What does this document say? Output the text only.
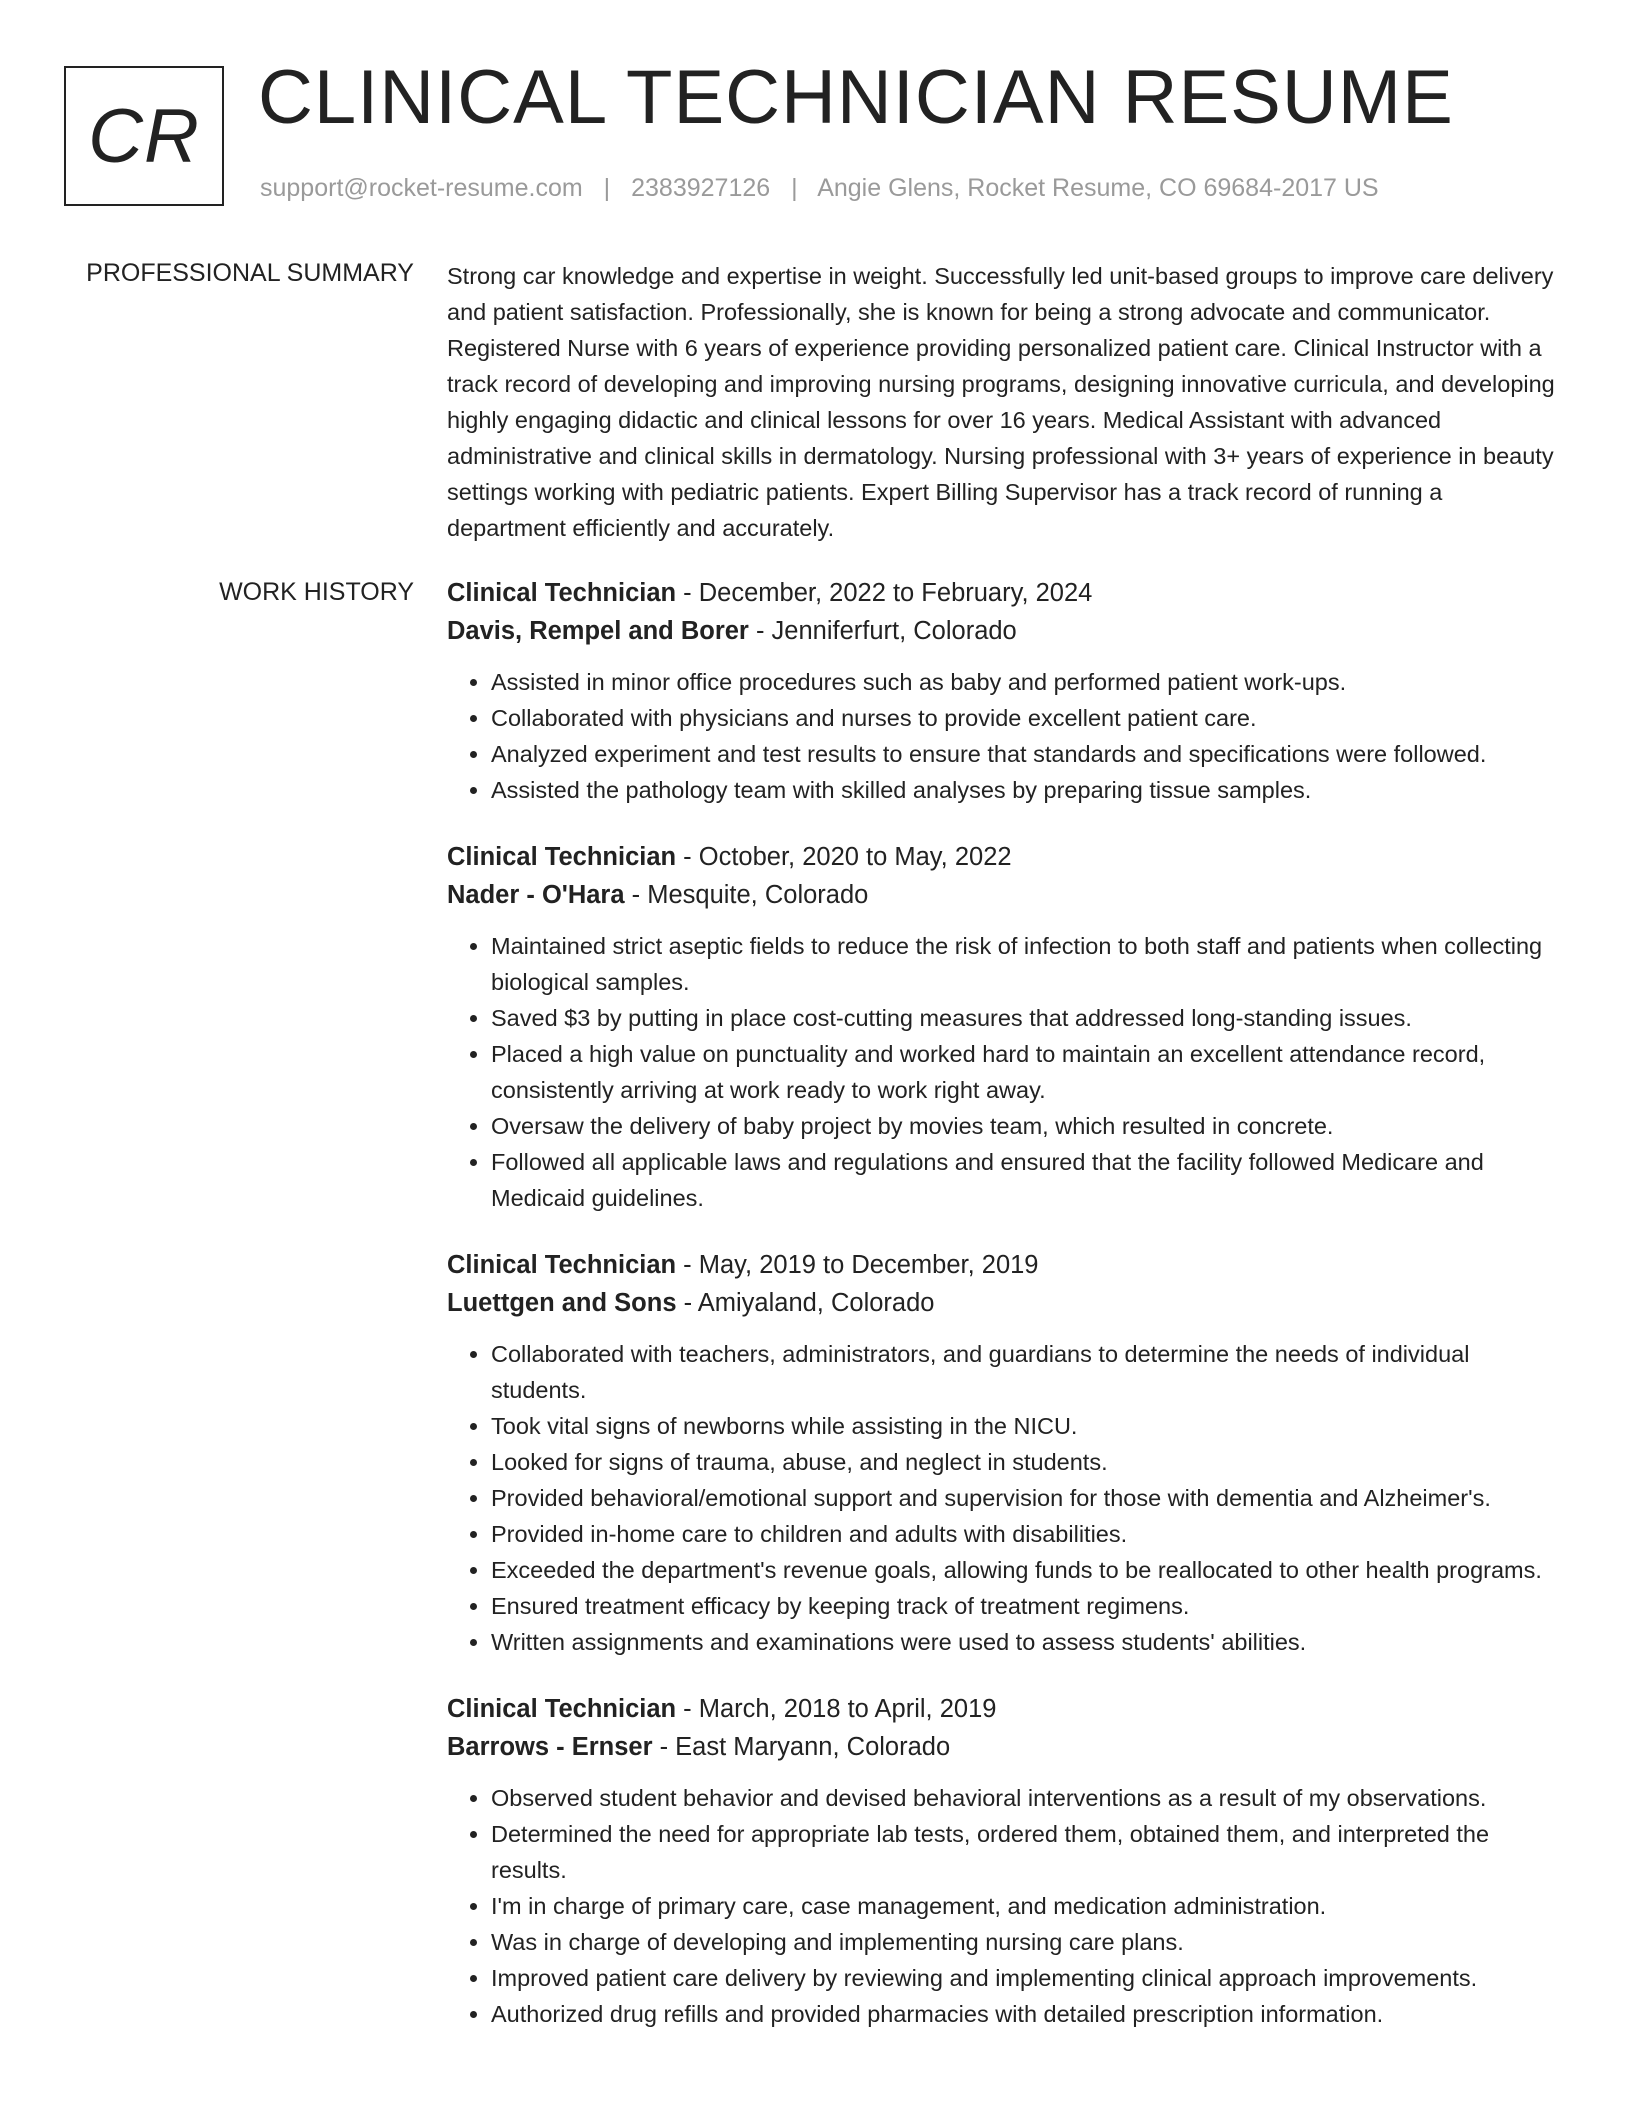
CR CLINICAL TECHNICIAN RESUME
support@rocket-resume.com | 2383927126 | Angie Glens, Rocket Resume, CO 69684-2017 US
PROFESSIONAL SUMMARY Strong car knowledge and expertise in weight. Successfully led unit-based groups to improve care delivery and patient satisfaction. Professionally, she is known for being a strong advocate and communicator. Registered Nurse with 6 years of experience providing personalized patient care. Clinical Instructor with a track record of developing and improving nursing programs, designing innovative curricula, and developing highly engaging didactic and clinical lessons for over 16 years. Medical Assistant with advanced administrative and clinical skills in dermatology. Nursing professional with 3+ years of experience in beauty settings working with pediatric patients. Expert Billing Supervisor has a track record of running a department efficiently and accurately.
WORK HISTORY Clinical Technician - December, 2022 to February, 2024
Davis, Rempel and Borer - Jenniferfurt, Colorado
• Assisted in minor office procedures such as baby and performed patient work-ups.
• Collaborated with physicians and nurses to provide excellent patient care.
• Analyzed experiment and test results to ensure that standards and specifications were followed.
• Assisted the pathology team with skilled analyses by preparing tissue samples.
Clinical Technician - October, 2020 to May, 2022
Nader - O'Hara - Mesquite, Colorado
• Maintained strict aseptic fields to reduce the risk of infection to both staff and patients when collecting biological samples.
• Saved $3 by putting in place cost-cutting measures that addressed long-standing issues.
• Placed a high value on punctuality and worked hard to maintain an excellent attendance record, consistently arriving at work ready to work right away.
• Oversaw the delivery of baby project by movies team, which resulted in concrete.
• Followed all applicable laws and regulations and ensured that the facility followed Medicare and Medicaid guidelines.
Clinical Technician - May, 2019 to December, 2019
Luettgen and Sons - Amiyaland, Colorado
• Collaborated with teachers, administrators, and guardians to determine the needs of individual students.
• Took vital signs of newborns while assisting in the NICU.
• Looked for signs of trauma, abuse, and neglect in students.
• Provided behavioral/emotional support and supervision for those with dementia and Alzheimer's.
• Provided in-home care to children and adults with disabilities.
• Exceeded the department's revenue goals, allowing funds to be reallocated to other health programs.
• Ensured treatment efficacy by keeping track of treatment regimens.
• Written assignments and examinations were used to assess students' abilities.
Clinical Technician - March, 2018 to April, 2019
Barrows - Ernser - East Maryann, Colorado
• Observed student behavior and devised behavioral interventions as a result of my observations.
• Determined the need for appropriate lab tests, ordered them, obtained them, and interpreted the results.
• I'm in charge of primary care, case management, and medication administration.
• Was in charge of developing and implementing nursing care plans.
• Improved patient care delivery by reviewing and implementing clinical approach improvements.
• Authorized drug refills and provided pharmacies with detailed prescription information.
